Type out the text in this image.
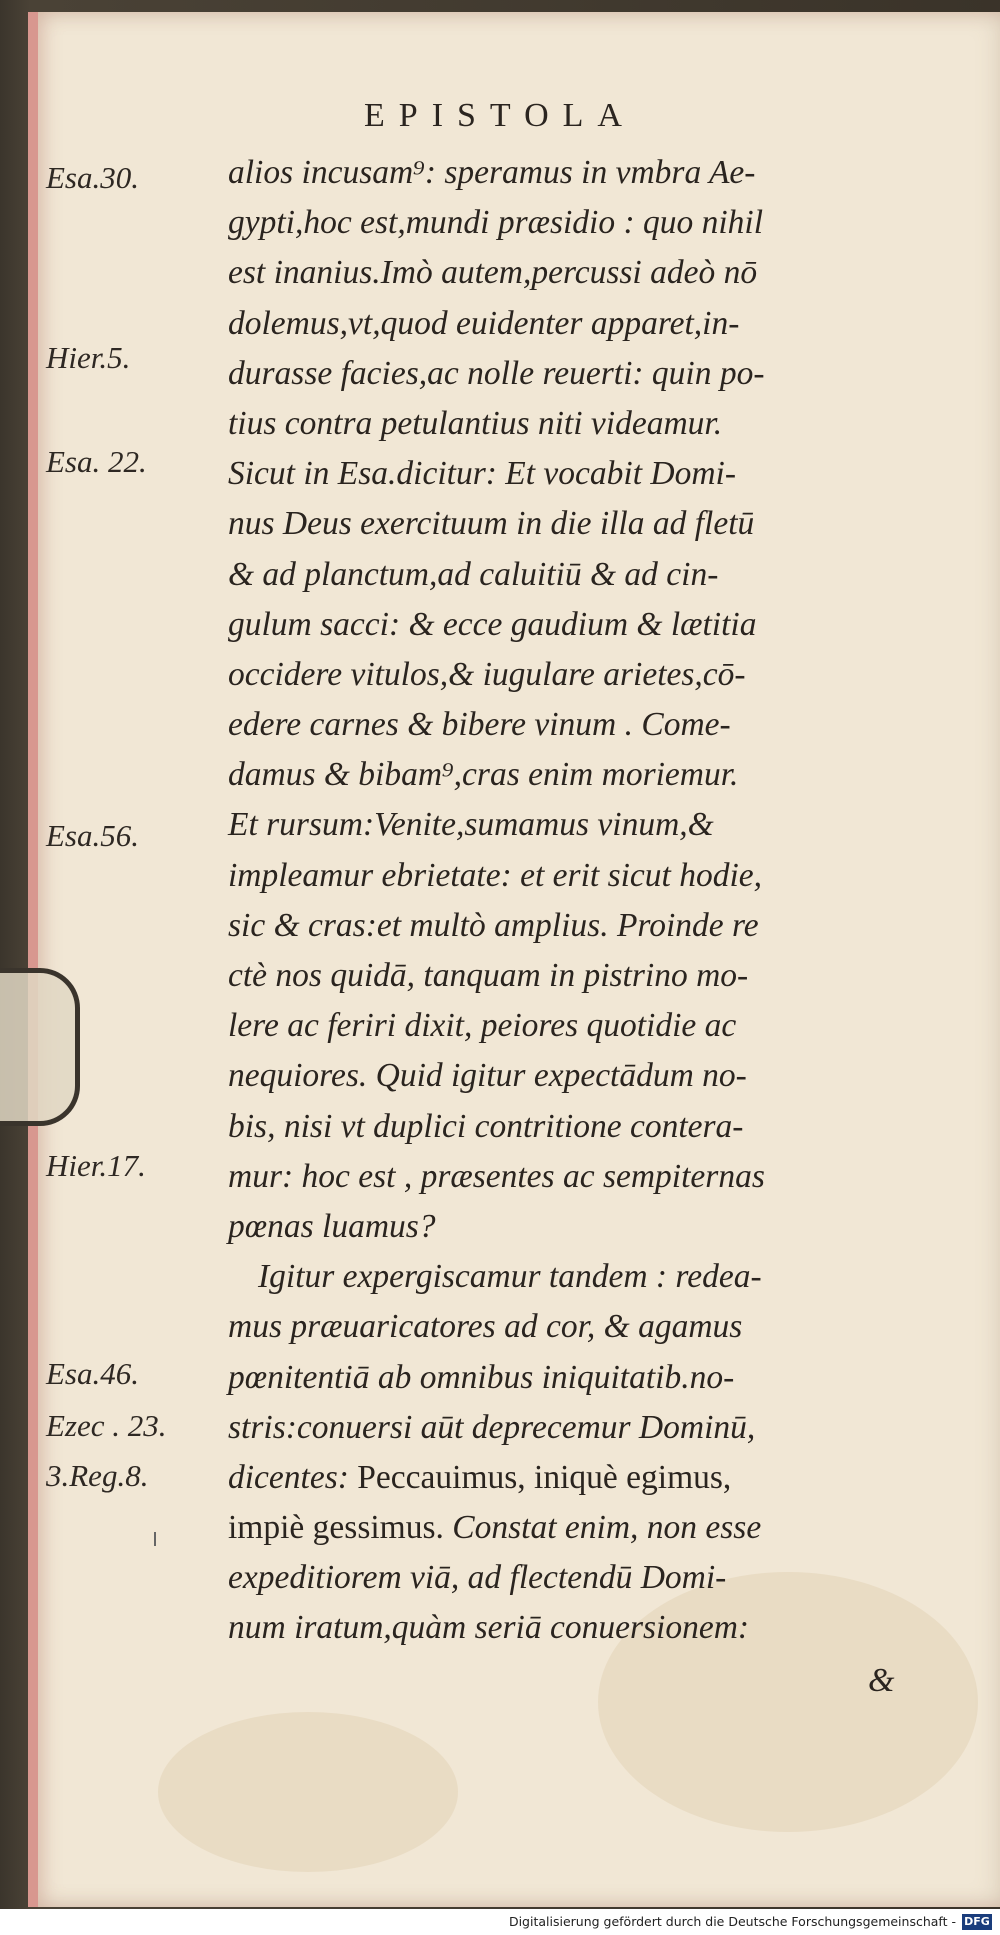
EPISTOLA
Esa.30.
Hier.5.
Esa. 22.
Esa.56.
Hier.17.
Esa.46.
Ezec . 23.
3.Reg.8.
alios incusam⁹: speramus in vmbra Ae-
gypti,hoc est,mundi præsidio : quo nihil
est inanius.Imò autem,percussi adeò nō
dolemus,vt,quod euidenter apparet,in-
durasse facies,ac nolle reuerti: quin po-
tius contra petulantius niti videamur.
Sicut in Esa.dicitur: Et vocabit Domi-
nus Deus exercituum in die illa ad fletū
& ad planctum,ad caluitiū & ad cin-
gulum sacci: & ecce gaudium & lætitia
occidere vitulos,& iugulare arietes,cō-
edere carnes & bibere vinum . Come-
damus & bibam⁹,cras enim moriemur.
Et rursum:Venite,sumamus vinum,&
impleamur ebrietate: et erit sicut hodie,
sic & cras:et multò amplius. Proinde re
ctè nos quidā, tanquam in pistrino mo-
lere ac feriri dixit, peiores quotidie ac
nequiores. Quid igitur expectādum no-
bis, nisi vt duplici contritione contera-
mur: hoc est , præsentes ac sempiternas
pœnas luamus?
Igitur expergiscamur tandem : redea-
mus præuaricatores ad cor, & agamus
pœnitentiā ab omnibus iniquitatib.no-
stris:conuersi aūt deprecemur Dominū,
dicentes: Peccauimus, iniquè egimus,
impiè gessimus. Constat enim, non esse
expeditiorem viā, ad flectendū Domi-
num iratum,quàm seriā conuersionem:
&
Digitalisierung gefördert durch die Deutsche Forschungsgemeinschaft - DFG
